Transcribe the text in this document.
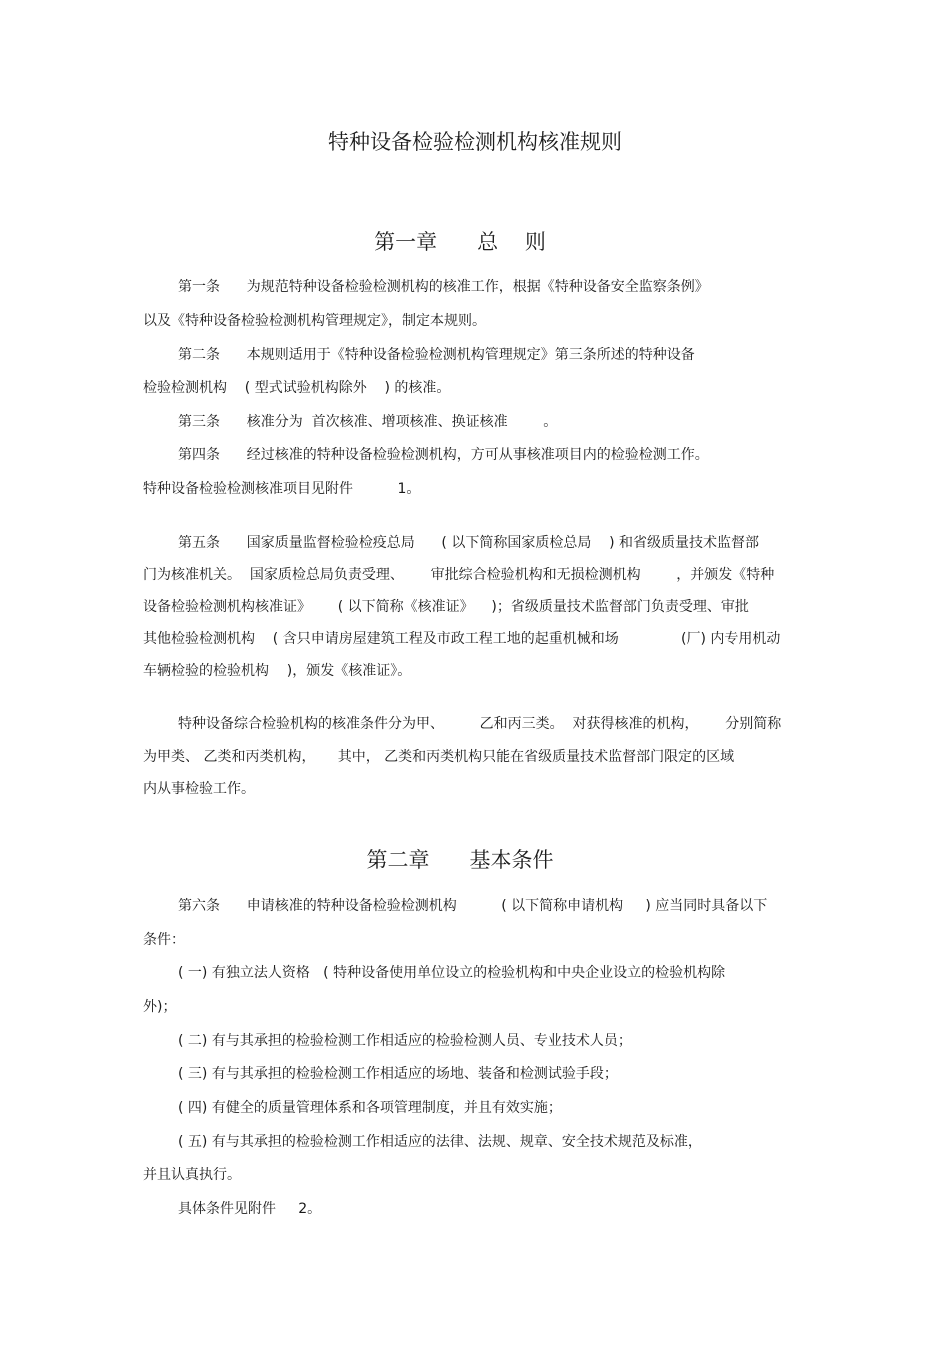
特种设备检验检测机构核准规则
第一章      总    则
第一条      为规范特种设备检验检测机构的核准工作，根据《特种设备安全监察条例》
以及《特种设备检验检测机构管理规定》，制定本规则。
第二条      本规则适用于《特种设备检验检测机构管理规定》第三条所述的特种设备
检验检测机构    ( 型式试验机构除外    ) 的核准。
第三条      核准分为  首次核准、增项核准、换证核准        。
第四条      经过核准的特种设备检验检测机构，方可从事核准项目内的检验检测工作。
特种设备检验检测核准项目见附件          1。
第五条      国家质量监督检验检疫总局      ( 以下简称国家质检总局    ) 和省级质量技术监督部
门为核准机关。  国家质检总局负责受理、      审批综合检验机构和无损检测机构        ，并颁发《特种
设备检验检测机构核准证》      ( 以下简称《核准证》    )；省级质量技术监督部门负责受理、审批
其他检验检测机构    ( 含只申请房屋建筑工程及市政工程工地的起重机械和场              (厂) 内专用机动
车辆检验的检验机构    )，颁发《核准证》。
特种设备综合检验机构的核准条件分为甲、        乙和丙三类。  对获得核准的机构，      分别简称
为甲类、 乙类和丙类机构，     其中， 乙类和丙类机构只能在省级质量技术监督部门限定的区域
内从事检验工作。
第二章      基本条件
第六条      申请核准的特种设备检验检测机构          ( 以下简称申请机构     ) 应当同时具备以下
条件：
( 一) 有独立法人资格   ( 特种设备使用单位设立的检验机构和中央企业设立的检验机构除
外)；
( 二) 有与其承担的检验检测工作相适应的检验检测人员、专业技术人员；
( 三) 有与其承担的检验检测工作相适应的场地、装备和检测试验手段；
( 四) 有健全的质量管理体系和各项管理制度，并且有效实施；
( 五) 有与其承担的检验检测工作相适应的法律、法规、规章、安全技术规范及标准，
并且认真执行。
具体条件见附件     2。
